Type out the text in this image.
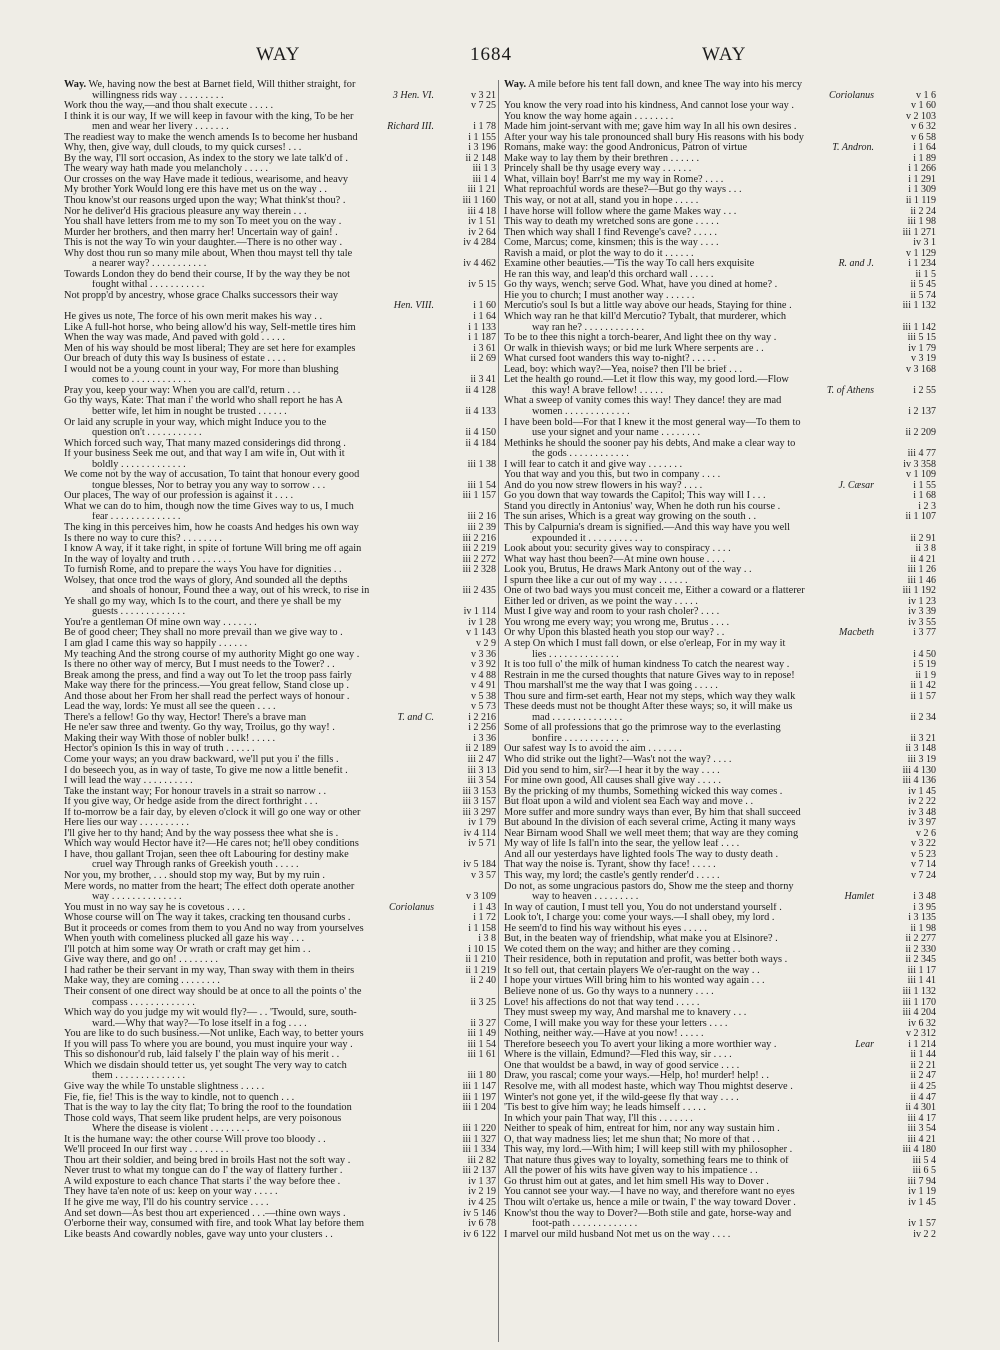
WAY	1684	WAY
Way. We, having now the best at Barnet field, Will thither straight, for
willingness rids way . . . . . . . . .	3 Hen. VI.	v 3 21
Work thou the way,—and thou shalt execute . . . . .	v 7 25
I think it is our way, If we will keep in favour with the king, To be her
men and wear her livery . . . . . . .	Richard III.	i 1 78
The readiest way to make the wench amends Is to become her husband	i 1 155
Why, then, give way, dull clouds, to my quick curses! . . .	i 3 196
By the way, I'll sort occasion, As index to the story we late talk'd of .	ii 2 148
The weary way hath made you melancholy . . . . .	iii 1 3
Our crosses on the way Have made it tedious, wearisome, and heavy	iii 1 4
My brother York Would long ere this have met us on the way . .	iii 1 21
Thou know'st our reasons urged upon the way; What think'st thou? .	iii 1 160
Nor he deliver'd His gracious pleasure any way therein . . .	iii 4 18
You shall have letters from me to my son To meet you on the way .	iv 1 51
Murder her brothers, and then marry her! Uncertain way of gain! .	iv 2 64
This is not the way To win your daughter.—There is no other way .	iv 4 284
Why dost thou run so many mile about, When thou mayst tell thy tale
a nearer way? . . . . . . . . . . .	iv 4 462
Towards London they do bend their course, If by the way they be not
fought withal . . . . . . . . . . .	iv 5 15
Not propp'd by ancestry, whose grace Chalks successors their way
Hen. VIII.	i 1 60
He gives us note, The force of his own merit makes his way . .	i 1 64
Like A full-hot horse, who being allow'd his way, Self-mettle tires him	i 1 133
When the way was made, And paved with gold . . . . .	i 1 187
Men of his way should be most liberal; They are set here for examples	i 3 61
Our breach of duty this way Is business of estate . . . .	ii 2 69
I would not be a young count in your way, For more than blushing
comes to . . . . . . . . . . . .	ii 3 41
Pray you, keep your way: When you are call'd, return . . .	ii 4 128
Go thy ways, Kate: That man i' the world who shall report he has A
better wife, let him in nought be trusted . . . . . .	ii 4 133
Or laid any scruple in your way, which might Induce you to the
question on't . . . . . . . . . . .	ii 4 150
Which forced such way, That many mazed considerings did throng .	ii 4 184
If your business Seek me out, and that way I am wife in, Out with it
boldly . . . . . . . . . . . . .	iii 1 38
We come not by the way of accusation, To taint that honour every good
tongue blesses, Nor to betray you any way to sorrow . . .	iii 1 54
Our places, The way of our profession is against it . . . .	iii 1 157
What we can do to him, though now the time Gives way to us, I much
fear . . . . . . . . . . . . . .	iii 2 16
The king in this perceives him, how he coasts And hedges his own way	iii 2 39
Is there no way to cure this? . . . . . . . .	iii 2 216
I know A way, if it take right, in spite of fortune Will bring me off again	iii 2 219
In the way of loyalty and truth . . . . . . . .	iii 2 272
To furnish Rome, and to prepare the ways You have for dignities . .	iii 2 328
Wolsey, that once trod the ways of glory, And sounded all the depths
and shoals of honour, Found thee a way, out of his wreck, to rise in	iii 2 435
Ye shall go my way, which Is to the court, and there ye shall be my
guests . . . . . . . . . . . . .	iv 1 114
You're a gentleman Of mine own way . . . . . . .	iv 1 28
Be of good cheer; They shall no more prevail than we give way to .	v 1 143
I am glad I came this way so happily . . . . . .	v 2 9
My teaching And the strong course of my authority Might go one way .	v 3 36
Is there no other way of mercy, But I must needs to the Tower? . .	v 3 92
Break among the press, and find a way out To let the troop pass fairly	v 4 88
Make way there for the princess.—You great fellow, Stand close up .	v 4 91
And those about her From her shall read the perfect ways of honour .	v 5 38
Lead the way, lords: Ye must all see the queen . . . .	v 5 73
There's a fellow! Go thy way, Hector! There's a brave man	T. and C.	i 2 216
He ne'er saw three and twenty. Go thy way, Troilus, go thy way! .	i 2 256
Making their way With those of nobler bulk! . . . . .	i 3 36
Hector's opinion Is this in way of truth . . . . . .	ii 2 189
Come your ways; an you draw backward, we'll put you i' the fills .	iii 2 47
I do beseech you, as in way of taste, To give me now a little benefit .	iii 3 13
I will lead the way . . . . . . . . . .	iii 3 54
Take the instant way; For honour travels in a strait so narrow . .	iii 3 153
If you give way, Or hedge aside from the direct forthright . . .	iii 3 157
If to-morrow be a fair day, by eleven o'clock it will go one way or other	iii 3 297
Here lies our way . . . . . . . . . .	iv 1 79
I'll give her to thy hand; And by the way possess thee what she is .	iv 4 114
Which way would Hector have it?—He cares not; he'll obey conditions	iv 5 71
I have, thou gallant Trojan, seen thee oft Labouring for destiny make
cruel way Through ranks of Greekish youth . . . . .	iv 5 184
Nor you, my brother, . . . should stop my way, But by my ruin .	v 3 57
Mere words, no matter from the heart; The effect doth operate another
way . . . . . . . . . . . . . .	v 3 109
You must in no way say he is covetous . . . .	Coriolanus	i 1 43
Whose course will on The way it takes, cracking ten thousand curbs .	i 1 72
But it proceeds or comes from them to you And no way from yourselves	i 1 158
When youth with comeliness plucked all gaze his way . . .	i 3 8
I'll potch at him some way Or wrath or craft may get him . .	i 10 15
Give way there, and go on! . . . . . . . .	ii 1 210
I had rather be their servant in my way, Than sway with them in theirs	ii 1 219
Make way, they are coming . . . . . . . .	ii 2 40
Their consent of one direct way should be at once to all the points o' the
compass . . . . . . . . . . . . .	ii 3 25
Which way do you judge my wit would fly?— . . 'Twould, sure, south-
ward.—Why that way?—To lose itself in a fog . . . .	ii 3 27
You are like to do such business.—Not unlike, Each way, to better yours	iii 1 49
If you will pass To where you are bound, you must inquire your way .	iii 1 54
This so dishonour'd rub, laid falsely I' the plain way of his merit . .	iii 1 61
Which we disdain should tetter us, yet sought The very way to catch
them . . . . . . . . . . . . . .	iii 1 80
Give way the while To unstable slightness . . . . .	iii 1 147
Fie, fie, fie! This is the way to kindle, not to quench . . .	iii 1 197
That is the way to lay the city flat; To bring the roof to the foundation	iii 1 204
Those cold ways, That seem like prudent helps, are very poisonous
Where the disease is violent . . . . . . . .	iii 1 220
It is the humane way: the other course Will prove too bloody . .	iii 1 327
We'll proceed In our first way . . . . . . . .	iii 1 334
Thou art their soldier, and being bred in broils Hast not the soft way .	iii 2 82
Never trust to what my tongue can do I' the way of flattery further .	iii 2 137
A wild exposture to each chance That starts i' the way before thee .	iv 1 37
They have ta'en note of us: keep on your way . . . . .	iv 2 19
If he give me way, I'll do his country service . . . .	iv 4 25
And set down—As best thou art experienced . . .—thine own ways .	iv 5 146
O'erborne their way, consumed with fire, and took What lay before them	iv 6 78
Like beasts And cowardly nobles, gave way unto your clusters . .	iv 6 122
Way. A mile before his tent fall down, and knee The way into his mercy
Coriolanus	v 1 6
You know the very road into his kindness, And cannot lose your way .	v 1 60
You know the way home again . . . . . . . .	v 2 103
Made him joint-servant with me; gave him way In all his own desires .	v 6 32
After your way his tale pronounced shall bury His reasons with his body	v 6 58
Romans, make way: the good Andronicus, Patron of virtue	T. Andron.	i 1 64
Make way to lay them by their brethren . . . . . .	i 1 89
Princely shall be thy usage every way . . . . . .	i 1 266
What, villain boy! Barr'st me my way in Rome? . . . .	i 1 291
What reproachful words are these?—But go thy ways . . .	i 1 309
This way, or not at all, stand you in hope . . . . .	ii 1 119
I have horse will follow where the game Makes way . . .	ii 2 24
This way to death my wretched sons are gone . . . . .	iii 1 98
Then which way shall I find Revenge's cave? . . . . .	iii 1 271
Come, Marcus; come, kinsmen; this is the way . . . .	iv 3 1
Ravish a maid, or plot the way to do it . . . . . .	v 1 129
Examine other beauties.—'Tis the way To call hers exquisite	R. and J.	i 1 234
He ran this way, and leap'd this orchard wall . . . . .	ii 1 5
Go thy ways, wench; serve God. What, have you dined at home? .	ii 5 45
Hie you to church; I must another way . . . . . .	ii 5 74
Mercutio's soul Is but a little way above our heads, Staying for thine .	iii 1 132
Which way ran he that kill'd Mercutio? Tybalt, that murderer, which
way ran he? . . . . . . . . . . . .	iii 1 142
To be to thee this night a torch-bearer, And light thee on thy way .	iii 5 15
Or walk in thievish ways; or bid me lurk Where serpents are . .	iv 1 79
What cursed foot wanders this way to-night? . . . . .	v 3 19
Lead, boy: which way?—Yea, noise? then I'll be brief . . .	v 3 168
Let the health go round.—Let it flow this way, my good lord.—Flow
this way! A brave fellow! . . . . .	T. of Athens	i 2 55
What a sweep of vanity comes this way! They dance! they are mad
women . . . . . . . . . . . . .	i 2 137
I have been bold—For that I knew it the most general way—To them to
use your signet and your name . . . . . . . .	ii 2 209
Methinks he should the sooner pay his debts, And make a clear way to
the gods . . . . . . . . . . . .	iii 4 77
I will fear to catch it and give way . . . . . . .	iv 3 358
You that way and you this, but two in company . . . .	v 1 109
And do you now strew flowers in his way? . . . .	J. Cæsar	i 1 55
Go you down that way towards the Capitol; This way will I . . .	i 1 68
Stand you directly in Antonius' way, When he doth run his course .	i 2 3
The sun arises, Which is a great way growing on the south . .	ii 1 107
This by Calpurnia's dream is signified.—And this way have you well
expounded it . . . . . . . . . . .	ii 2 91
Look about you: security gives way to conspiracy . . . .	ii 3 8
What way hast thou been?—At mine own house . . . .	ii 4 21
Look you, Brutus, He draws Mark Antony out of the way . .	iii 1 26
I spurn thee like a cur out of my way . . . . . .	iii 1 46
One of two bad ways you must conceit me, Either a coward or a flatterer	iii 1 192
Either led or driven, as we point the way . . . . .	iv 1 23
Must I give way and room to your rash choler? . . . .	iv 3 39
You wrong me every way; you wrong me, Brutus . . . .	iv 3 55
Or why Upon this blasted heath you stop our way? . .	Macbeth	i 3 77
A step On which I must fall down, or else o'erleap, For in my way it
lies . . . . . . . . . . . . . .	i 4 50
It is too full o' the milk of human kindness To catch the nearest way .	i 5 19
Restrain in me the cursed thoughts that nature Gives way to in repose!	ii 1 9
Thou marshall'st me the way that I was going . . . . .	ii 1 42
Thou sure and firm-set earth, Hear not my steps, which way they walk	ii 1 57
These deeds must not be thought After these ways; so, it will make us
mad . . . . . . . . . . . . . .	ii 2 34
Some of all professions that go the primrose way to the everlasting
bonfire . . . . . . . . . . . . .	ii 3 21
Our safest way Is to avoid the aim . . . . . . .	ii 3 148
Who did strike out the light?—Was't not the way? . . . .	iii 3 19
Did you send to him, sir?—I hear it by the way . . . .	iii 4 130
For mine own good, All causes shall give way . . . . .	iii 4 136
By the pricking of my thumbs, Something wicked this way comes .	iv 1 45
But float upon a wild and violent sea Each way and move . .	iv 2 22
More suffer and more sundry ways than ever, By him that shall succeed	iv 3 48
But abound In the division of each several crime, Acting it many ways	iv 3 97
Near Birnam wood Shall we well meet them; that way are they coming	v 2 6
My way of life Is fall'n into the sear, the yellow leaf . . . .	v 3 22
And all our yesterdays have lighted fools The way to dusty death .	v 5 23
That way the noise is. Tyrant, show thy face! . . . . .	v 7 14
This way, my lord; the castle's gently render'd . . . . .	v 7 24
Do not, as some ungracious pastors do, Show me the steep and thorny
way to heaven . . . . . . . . .	Hamlet	i 3 48
In way of caution, I must tell you, You do not understand yourself .	i 3 95
Look to't, I charge you: come your ways.—I shall obey, my lord .	i 3 135
He seem'd to find his way without his eyes . . . . .	ii 1 98
But, in the beaten way of friendship, what make you at Elsinore? .	ii 2 277
We coted them on the way; and hither are they coming . .	ii 2 330
Their residence, both in reputation and profit, was better both ways .	ii 2 345
It so fell out, that certain players We o'er-raught on the way . .	iii 1 17
I hope your virtues Will bring him to his wonted way again . . .	iii 1 41
Believe none of us. Go thy ways to a nunnery . . . .	iii 1 132
Love! his affections do not that way tend . . . . .	iii 1 170
They must sweep my way, And marshal me to knavery . . .	iii 4 204
Come, I will make you way for these your letters . . . .	iv 6 32
Nothing, neither way.—Have at you now! . . . . .	v 2 312
Therefore beseech you To avert your liking a more worthier way .	Lear	i 1 214
Where is the villain, Edmund?—Fled this way, sir . . . .	ii 1 44
One that wouldst be a bawd, in way of good service . . . .	ii 2 21
Draw, you rascal; come your ways.—Help, ho! murder! help! . .	ii 2 47
Resolve me, with all modest haste, which way Thou mightst deserve .	ii 4 25
Winter's not gone yet, if the wild-geese fly that way . . . .	ii 4 47
'Tis best to give him way; he leads himself . . . . .	ii 4 301
In which your pain That way, I'll this . . . . . . .	iii 4 17
Neither to speak of him, entreat for him, nor any way sustain him .	iii 3 54
O, that way madness lies; let me shun that; No more of that . .	iii 4 21
This way, my lord.—With him; I will keep still with my philosopher .	iii 4 180
That nature thus gives way to loyalty, something fears me to think of	iii 5 4
All the power of his wits have given way to his impatience . .	iii 6 5
Go thrust him out at gates, and let him smell His way to Dover .	iii 7 94
You cannot see your way.—I have no way, and therefore want no eyes	iv 1 19
Thou wilt o'ertake us, hence a mile or twain, I' the way toward Dover .	iv 1 45
Know'st thou the way to Dover?—Both stile and gate, horse-way and
foot-path . . . . . . . . . . . . .	iv 1 57
I marvel our mild husband Not met us on the way . . . .	iv 2 2
